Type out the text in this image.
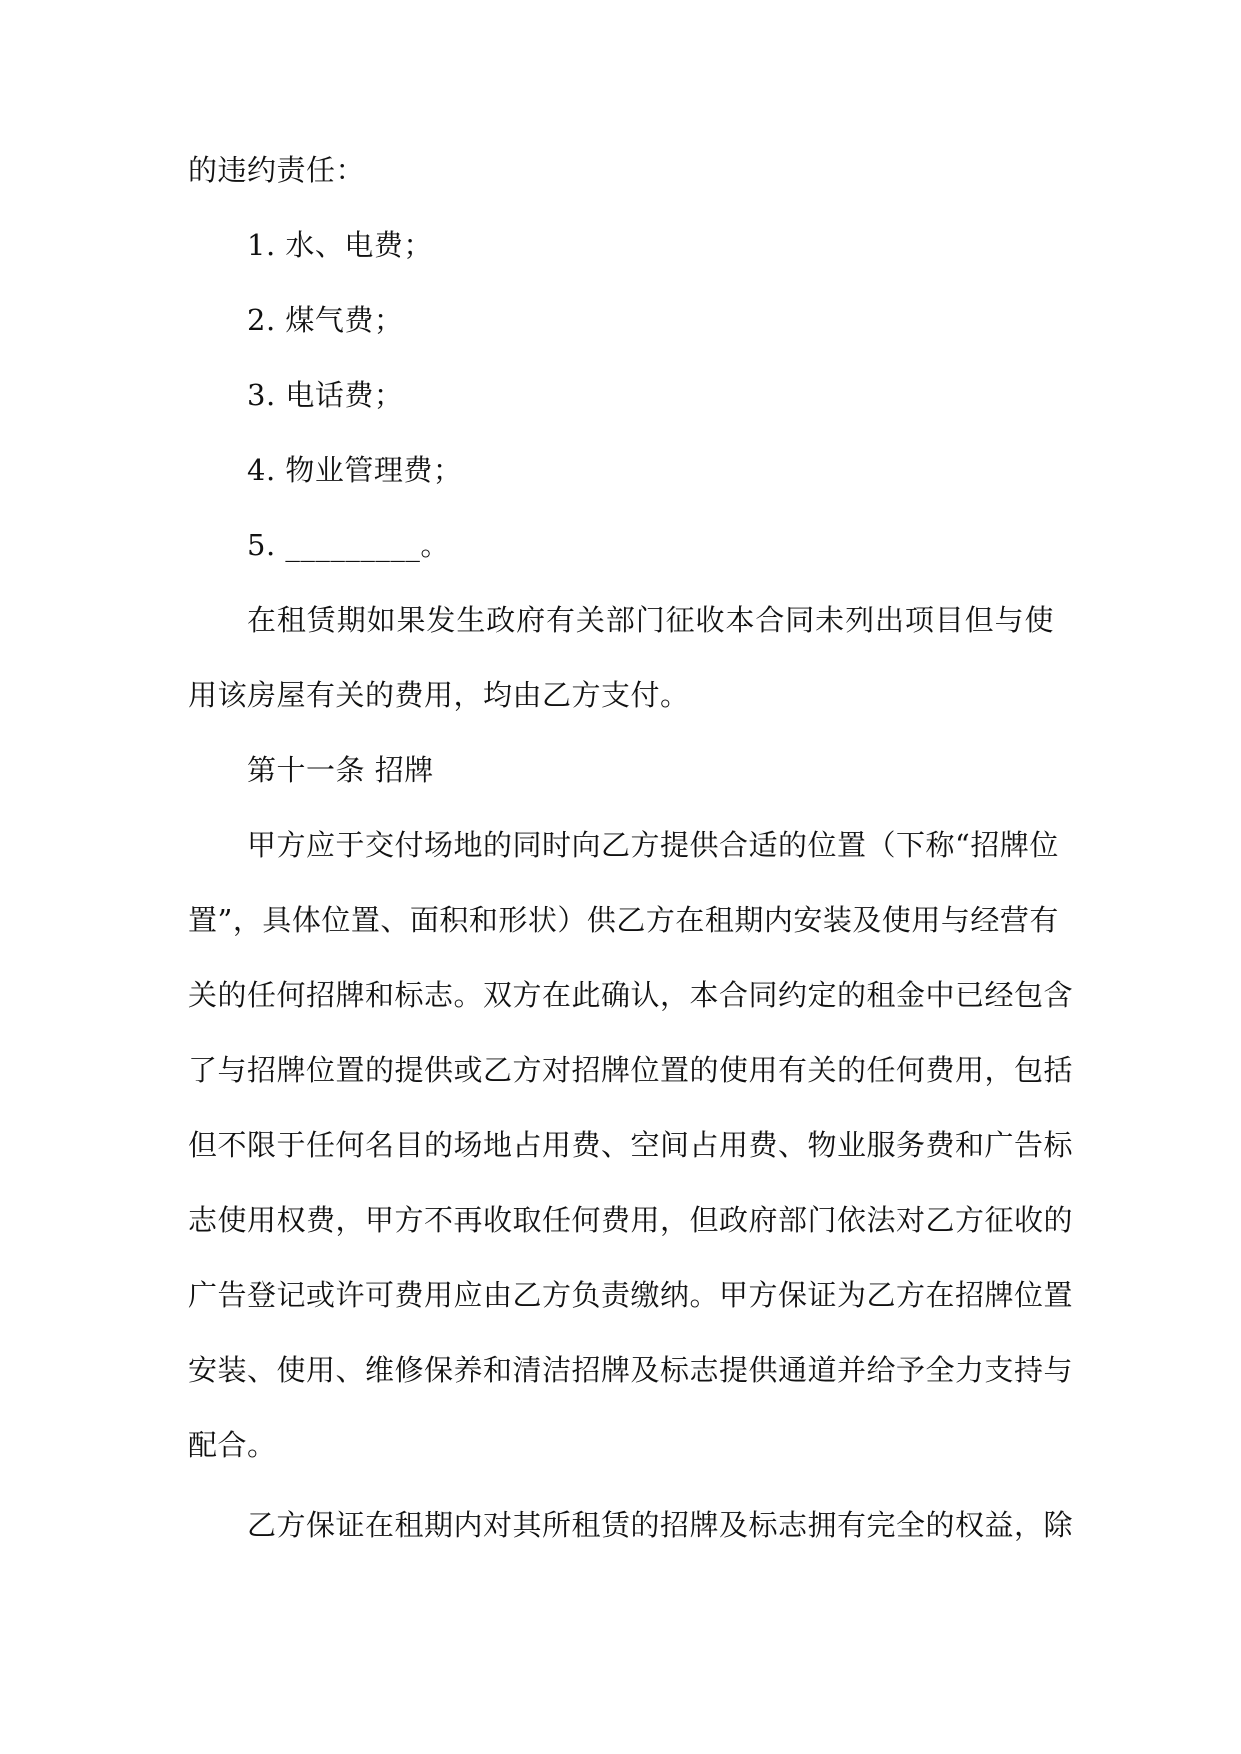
的违约责任：
1. 水、电费；
2. 煤气费；
3. 电话费；
4. 物业管理费；
5. _________。
在租赁期如果发生政府有关部门征收本合同未列出项目但与使
用该房屋有关的费用，均由乙方支付。
第十一条 招牌
甲方应于交付场地的同时向乙方提供合适的位置（下称“招牌位
置”，具体位置、面积和形状）供乙方在租期内安装及使用与经营有
关的任何招牌和标志。双方在此确认，本合同约定的租金中已经包含
了与招牌位置的提供或乙方对招牌位置的使用有关的任何费用，包括
但不限于任何名目的场地占用费、空间占用费、物业服务费和广告标
志使用权费，甲方不再收取任何费用，但政府部门依法对乙方征收的
广告登记或许可费用应由乙方负责缴纳。甲方保证为乙方在招牌位置
安装、使用、维修保养和清洁招牌及标志提供通道并给予全力支持与
配合。
乙方保证在租期内对其所租赁的招牌及标志拥有完全的权益，除
